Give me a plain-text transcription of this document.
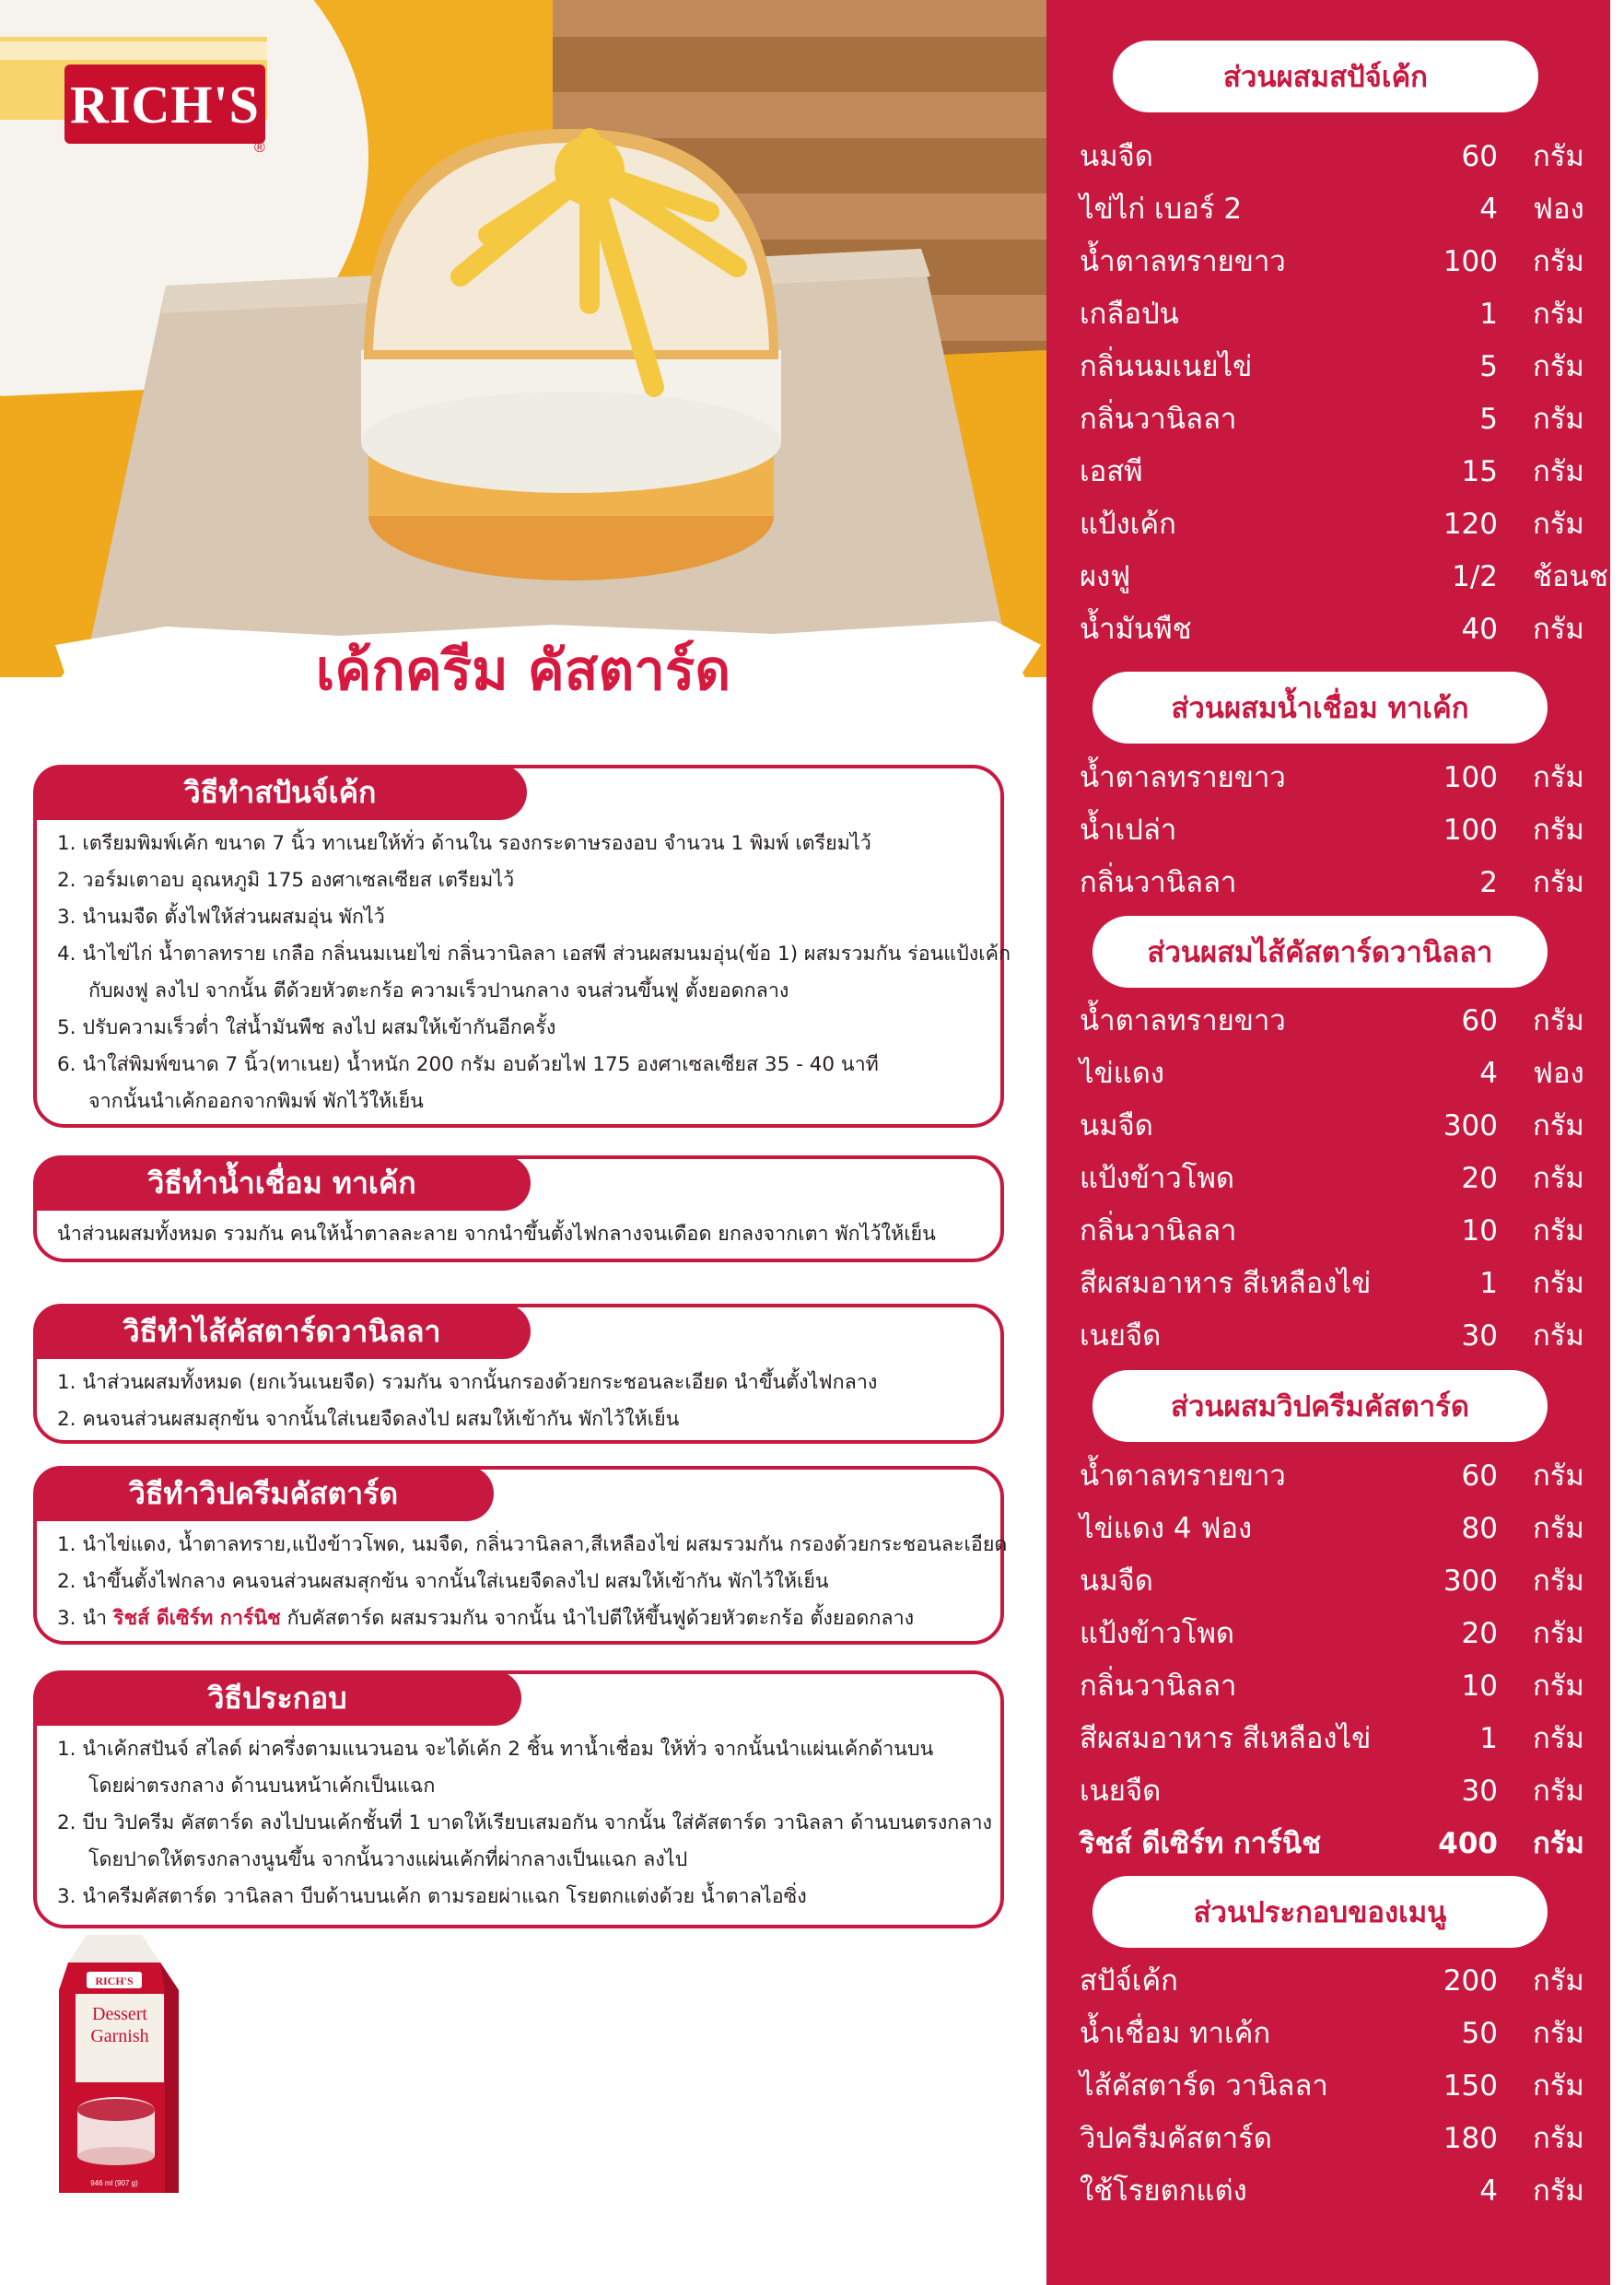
RICH'S
®
เค้กครีม คัสตาร์ด
วิธีทำสปันจ์เค้ก
1. เตรียมพิมพ์เค้ก ขนาด 7 นิ้ว ทาเนยให้ทั่ว ด้านใน รองกระดาษรองอบ จำนวน 1 พิมพ์ เตรียมไว้
2. วอร์มเตาอบ อุณหภูมิ 175 องศาเซลเซียส เตรียมไว้
3. นำนมจืด ตั้งไฟให้ส่วนผสมอุ่น พักไว้
4. นำไข่ไก่ น้ำตาลทราย เกลือ กลิ่นนมเนยไข่ กลิ่นวานิลลา เอสพี ส่วนผสมนมอุ่น(ข้อ 1) ผสมรวมกัน ร่อนแป้งเค้ก
กับผงฟู ลงไป จากนั้น ตีด้วยหัวตะกร้อ ความเร็วปานกลาง จนส่วนขึ้นฟู ตั้งยอดกลาง
5. ปรับความเร็วต่ำ ใส่น้ำมันพืช ลงไป ผสมให้เข้ากันอีกครั้ง
6. นำใส่พิมพ์ขนาด 7 นิ้ว(ทาเนย) น้ำหนัก 200 กรัม อบด้วยไฟ 175 องศาเซลเซียส 35 - 40 นาที
จากนั้นนำเค้กออกจากพิมพ์ พักไว้ให้เย็น
วิธีทำน้ำเชื่อม ทาเค้ก
นำส่วนผสมทั้งหมด รวมกัน คนให้น้ำตาลละลาย จากนำขึ้นตั้งไฟกลางจนเดือด ยกลงจากเตา พักไว้ให้เย็น
วิธีทำไส้คัสตาร์ดวานิลลา
1. นำส่วนผสมทั้งหมด (ยกเว้นเนยจืด) รวมกัน จากนั้นกรองด้วยกระชอนละเอียด นำขึ้นตั้งไฟกลาง
2. คนจนส่วนผสมสุกข้น จากนั้นใส่เนยจืดลงไป ผสมให้เข้ากัน พักไว้ให้เย็น
วิธีทำวิปครีมคัสตาร์ด
1. นำไข่แดง, น้ำตาลทราย,แป้งข้าวโพด, นมจืด, กลิ่นวานิลลา,สีเหลืองไข่ ผสมรวมกัน กรองด้วยกระชอนละเอียด
2. นำขึ้นตั้งไฟกลาง คนจนส่วนผสมสุกข้น จากนั้นใส่เนยจืดลงไป ผสมให้เข้ากัน พักไว้ให้เย็น
3. นำ ริชส์ ดีเซิร์ท การ์นิช กับคัสตาร์ด ผสมรวมกัน จากนั้น นำไปตีให้ขึ้นฟูด้วยหัวตะกร้อ ตั้งยอดกลาง
วิธีประกอบ
1. นำเค้กสปันจ์ สไลด์ ผ่าครึ่งตามแนวนอน จะได้เค้ก 2 ชิ้น ทาน้ำเชื่อม ให้ทั่ว จากนั้นนำแผ่นเค้กด้านบน
โดยผ่าตรงกลาง ด้านบนหน้าเค้กเป็นแฉก
2. บีบ วิปครีม คัสตาร์ด ลงไปบนเค้กชั้นที่ 1 บาดให้เรียบเสมอกัน จากนั้น ใส่คัสตาร์ด วานิลลา ด้านบนตรงกลาง
โดยปาดให้ตรงกลางนูนขึ้น จากนั้นวางแผ่นเค้กที่ผ่ากลางเป็นแฉก ลงไป
3. นำครีมคัสตาร์ด วานิลลา บีบด้านบนเค้ก ตามรอยผ่าแฉก โรยตกแต่งด้วย น้ำตาลไอซิ่ง
RICH'S
Dessert
Garnish
946 ml (907 g)
ส่วนผสมสปัจ์เค้ก
นมจืด	60 กรัม
ไข่ไก่ เบอร์ 2	4 ฟอง
น้ำตาลทรายขาว	100 กรัม
เกลือป่น	1 กรัม
กลิ่นนมเนยไข่	5 กรัม
กลิ่นวานิลลา	5 กรัม
เอสพี	15 กรัม
แป้งเค้ก	120 กรัม
ผงฟู	1/2 ช้อนชา
น้ำมันพืช	40 กรัม
ส่วนผสมน้ำเชื่อม ทาเค้ก
น้ำตาลทรายขาว	100 กรัม
น้ำเปล่า	100 กรัม
กลิ่นวานิลลา	2 กรัม
ส่วนผสมไส้คัสตาร์ดวานิลลา
น้ำตาลทรายขาว	60 กรัม
ไข่แดง	4 ฟอง
นมจืด	300 กรัม
แป้งข้าวโพด	20 กรัม
กลิ่นวานิลลา	10 กรัม
สีผสมอาหาร สีเหลืองไข่	1 กรัม
เนยจืด	30 กรัม
ส่วนผสมวิปครีมคัสตาร์ด
น้ำตาลทรายขาว	60 กรัม
ไข่แดง 4 ฟอง	80 กรัม
นมจืด	300 กรัม
แป้งข้าวโพด	20 กรัม
กลิ่นวานิลลา	10 กรัม
สีผสมอาหาร สีเหลืองไข่	1 กรัม
เนยจืด	30 กรัม
ริชส์ ดีเซิร์ท การ์นิช	400 กรัม
ส่วนประกอบของเมนู
สปัจ์เค้ก	200 กรัม
น้ำเชื่อม ทาเค้ก	50 กรัม
ไส้คัสตาร์ด วานิลลา	150 กรัม
วิปครีมคัสตาร์ด	180 กรัม
ใช้โรยตกแต่ง	4 กรัม
